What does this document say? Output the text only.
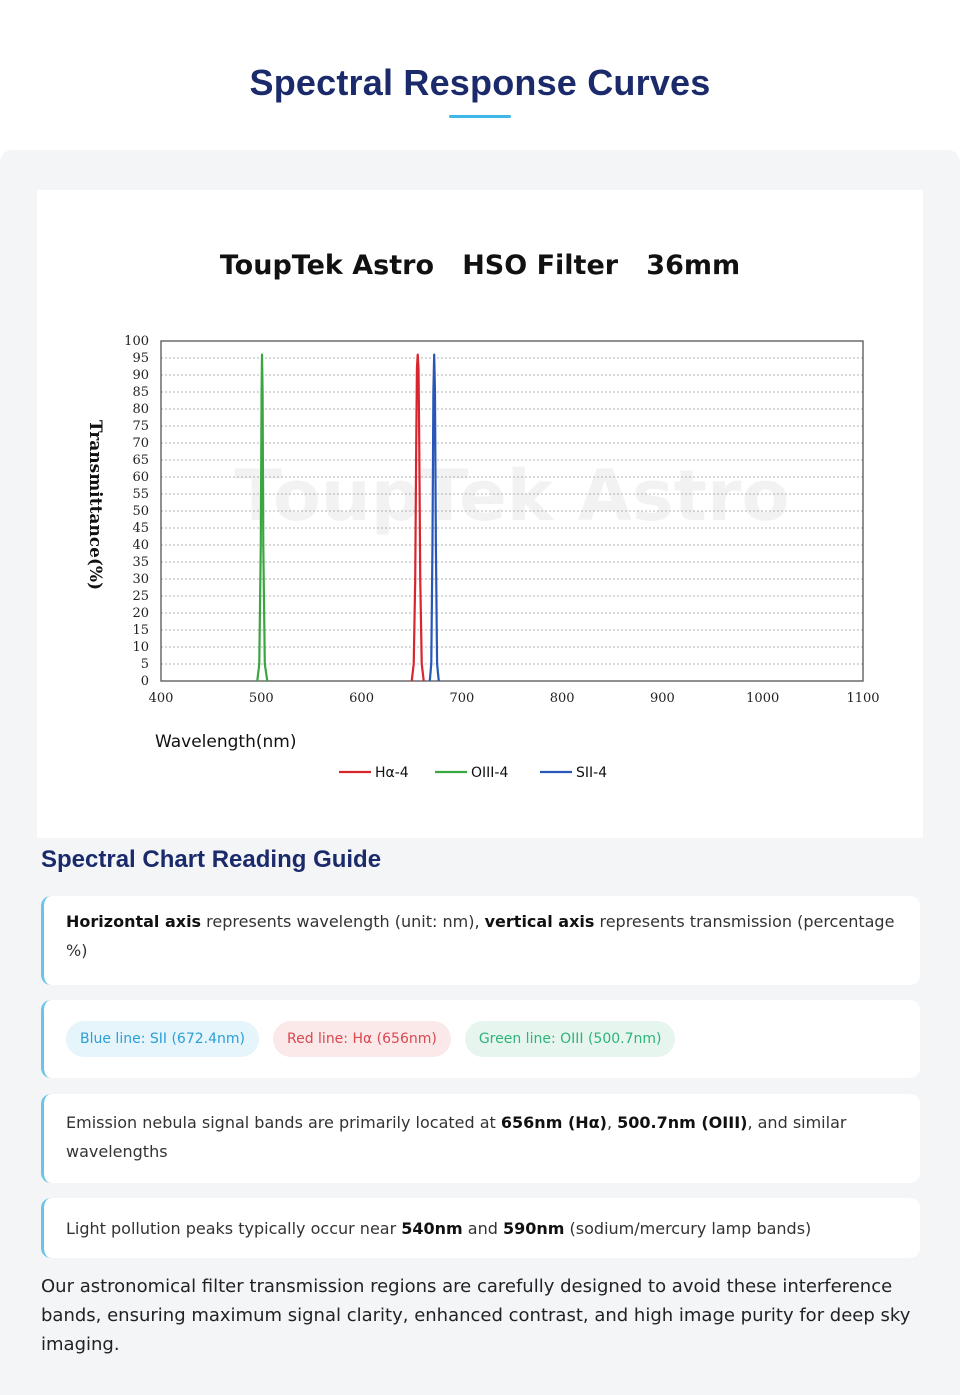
Spectral Response Curves
ToupTek Astro   HSO Filter   36mm
ToupTek Astro
0
5
10
15
20
25
30
35
40
45
50
55
60
65
70
75
80
85
90
95
100
400	500	600	700	800	900	1000	1100
Transmittance(%)
Wavelength(nm)
Hα-4	OIII-4	SII-4
Spectral Chart Reading Guide
Horizontal axis represents wavelength (unit: nm), vertical axis represents transmission (percentage %)
Blue line: SII (672.4nm)	Red line: Hα (656nm)	Green line: OIII (500.7nm)
Emission nebula signal bands are primarily located at 656nm (Hα), 500.7nm (OIII), and similar wavelengths
Light pollution peaks typically occur near 540nm and 590nm (sodium/mercury lamp bands)
Our astronomical filter transmission regions are carefully designed to avoid these interference bands, ensuring maximum signal clarity, enhanced contrast, and high image purity for deep sky imaging.
